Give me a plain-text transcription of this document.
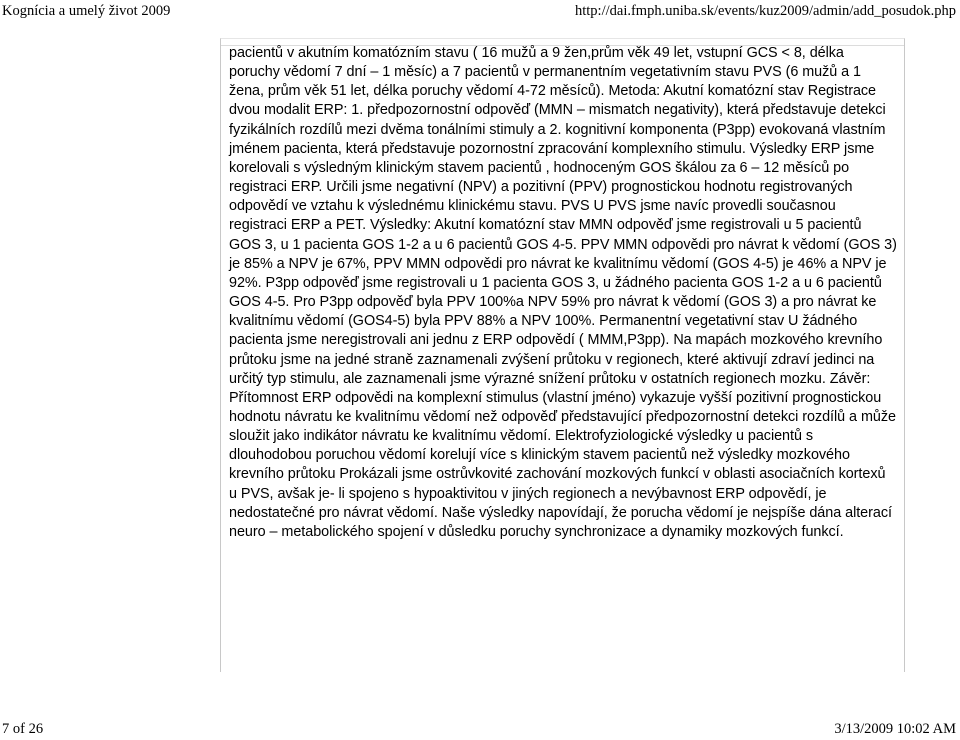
Kognícia a umelý život 2009	http://dai.fmph.uniba.sk/events/kuz2009/admin/add_posudok.php

pacientů v akutním komatózním stavu ( 16 mužů a 9 žen,prům věk 49 let, vstupní GCS < 8, délka poruchy vědomí 7 dní – 1 měsíc) a 7 pacientů v permanentním vegetativním stavu PVS (6 mužů a 1 žena, prům věk 51 let, délka poruchy vědomí 4-72 měsíců). Metoda: Akutní komatózní stav Registrace dvou modalit ERP: 1. předpozornostní odpověď (MMN – mismatch negativity), která představuje detekci fyzikálních rozdílů mezi dvěma tonálními stimuly a 2. kognitivní komponenta (P3pp) evokovaná vlastním jménem pacienta, která představuje pozornostní zpracování komplexního stimulu. Výsledky ERP jsme korelovali s výsledným klinickým stavem pacientů , hodnoceným GOS škálou za 6 – 12 měsíců po registraci ERP. Určili jsme negativní (NPV) a pozitivní (PPV) prognostickou hodnotu registrovaných odpovědí ve vztahu k výslednému klinickému stavu. PVS U PVS jsme navíc provedli současnou registraci ERP a PET. Výsledky: Akutní komatózní stav MMN odpověď jsme registrovali u 5 pacientů GOS 3, u 1 pacienta GOS 1-2 a u 6 pacientů GOS 4-5. PPV MMN odpovědi pro návrat k vědomí (GOS 3) je 85% a NPV je 67%, PPV MMN odpovědi pro návrat ke kvalitnímu vědomí (GOS 4-5) je 46% a NPV je 92%. P3pp odpověď jsme registrovali u 1 pacienta GOS 3, u žádného pacienta GOS 1-2 a u 6 pacientů GOS 4-5. Pro P3pp odpověď byla PPV 100%a NPV 59% pro návrat k vědomí (GOS 3) a pro návrat ke kvalitnímu vědomí (GOS4-5) byla PPV 88% a NPV 100%. Permanentní vegetativní stav U žádného pacienta jsme neregistrovali ani jednu z ERP odpovědí ( MMM,P3pp). Na mapách mozkového krevního průtoku jsme na jedné straně zaznamenali zvýšení průtoku v regionech, které aktivují zdraví jedinci na určitý typ stimulu, ale zaznamenali jsme výrazné snížení průtoku v ostatních regionech mozku. Závěr: Přítomnost ERP odpovědi na komplexní stimulus (vlastní jméno) vykazuje vyšší pozitivní prognostickou hodnotu návratu ke kvalitnímu vědomí než odpověď představující předpozornostní detekci rozdílů a může sloužit jako indikátor návratu ke kvalitnímu vědomí. Elektrofyziologické výsledky u pacientů s dlouhodobou poruchou vědomí korelují více s klinickým stavem pacientů než výsledky mozkového krevního průtoku Prokázali jsme ostrůvkovité zachování mozkových funkcí v oblasti asociačních kortexů u PVS, avšak je- li spojeno s hypoaktivitou v jiných regionech a nevýbavnost ERP odpovědí, je nedostatečné pro návrat vědomí. Naše výsledky napovídají, že porucha vědomí je nejspíše dána alterací neuro – metabolického spojení v důsledku poruchy synchronizace a dynamiky mozkových funkcí.

7 of 26	3/13/2009 10:02 AM
